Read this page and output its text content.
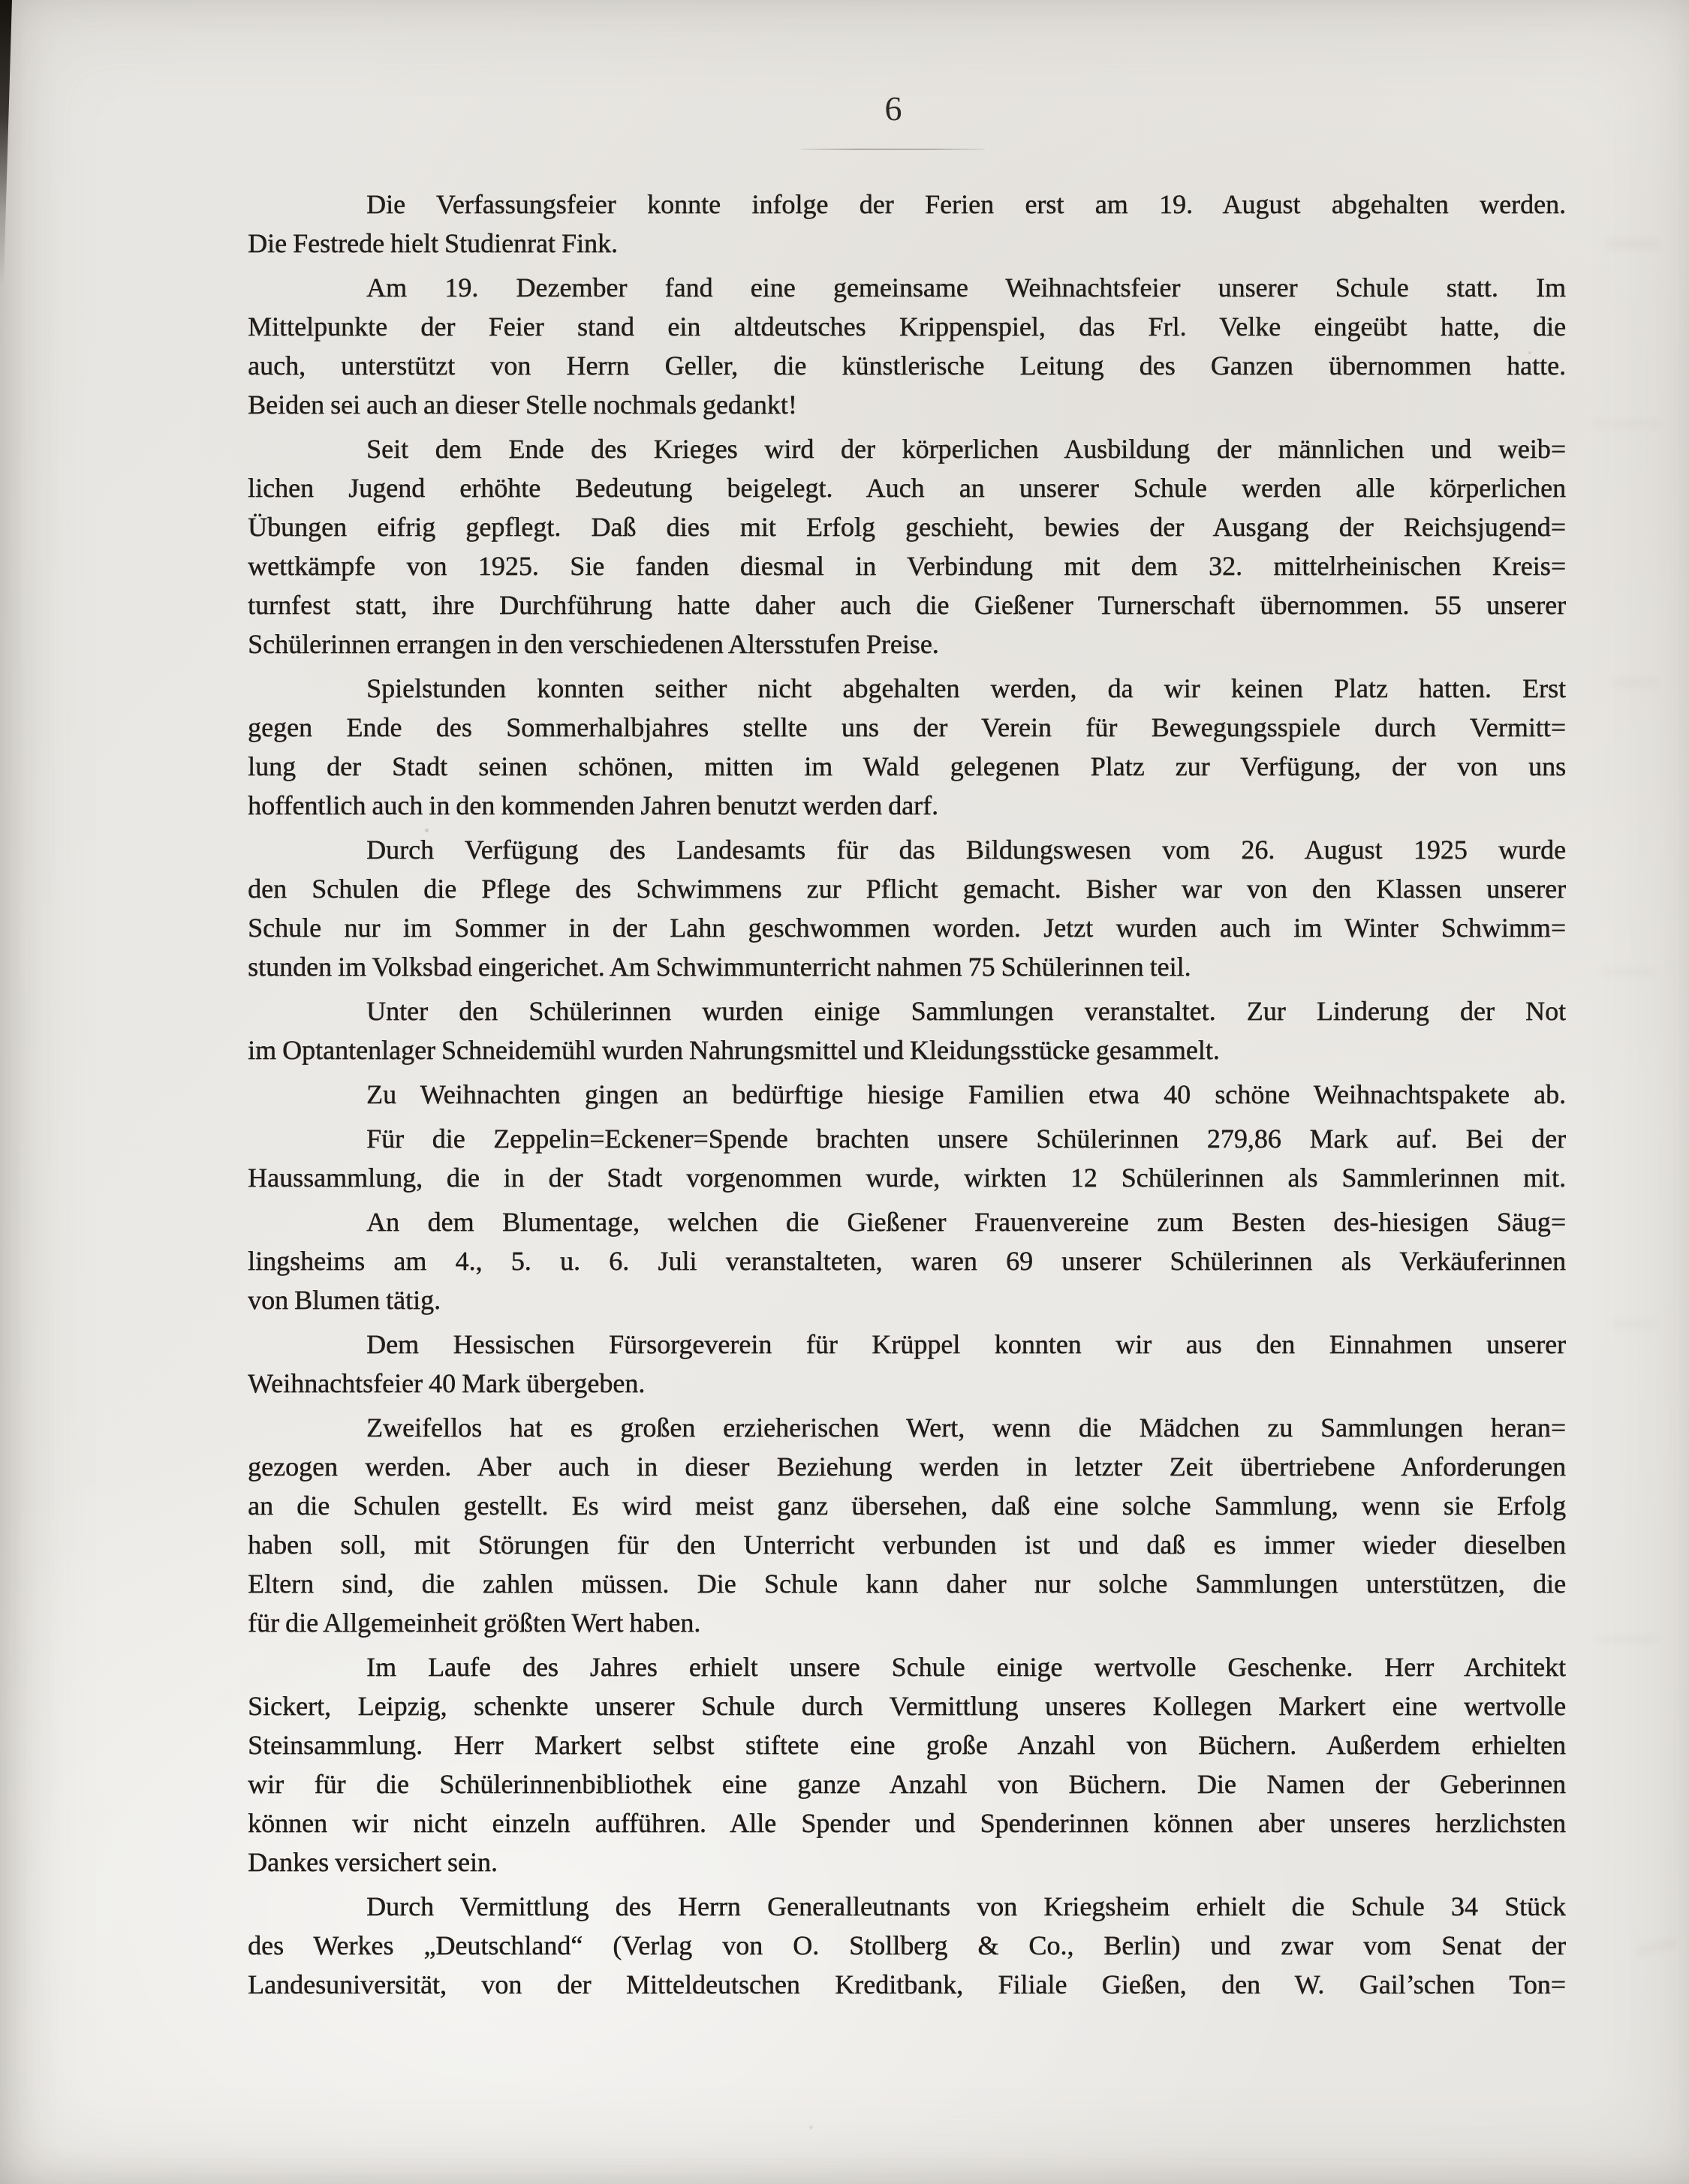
6

Die Verfassungsfeier konnte infolge der Ferien erst am 19. August abgehalten werden.
Die Festrede hielt Studienrat Fink.

Am 19. Dezember fand eine gemeinsame Weihnachtsfeier unserer Schule statt. Im
Mittelpunkte der Feier stand ein altdeutsches Krippenspiel, das Frl. Velke eingeübt hatte, die
auch, unterstützt von Herrn Geller, die künstlerische Leitung des Ganzen übernommen hatte.
Beiden sei auch an dieser Stelle nochmals gedankt!

Seit dem Ende des Krieges wird der körperlichen Ausbildung der männlichen und weib=
lichen Jugend erhöhte Bedeutung beigelegt. Auch an unserer Schule werden alle körperlichen
Übungen eifrig gepflegt. Daß dies mit Erfolg geschieht, bewies der Ausgang der Reichsjugend=
wettkämpfe von 1925. Sie fanden diesmal in Verbindung mit dem 32. mittelrheinischen Kreis=
turnfest statt, ihre Durchführung hatte daher auch die Gießener Turnerschaft übernommen. 55 unserer
Schülerinnen errangen in den verschiedenen Altersstufen Preise.

Spielstunden konnten seither nicht abgehalten werden, da wir keinen Platz hatten. Erst
gegen Ende des Sommerhalbjahres stellte uns der Verein für Bewegungsspiele durch Vermitt=
lung der Stadt seinen schönen, mitten im Wald gelegenen Platz zur Verfügung, der von uns
hoffentlich auch in den kommenden Jahren benutzt werden darf.

Durch Verfügung des Landesamts für das Bildungswesen vom 26. August 1925 wurde
den Schulen die Pflege des Schwimmens zur Pflicht gemacht. Bisher war von den Klassen unserer
Schule nur im Sommer in der Lahn geschwommen worden. Jetzt wurden auch im Winter Schwimm=
stunden im Volksbad eingerichet. Am Schwimmunterricht nahmen 75 Schülerinnen teil.

Unter den Schülerinnen wurden einige Sammlungen veranstaltet. Zur Linderung der Not
im Optantenlager Schneidemühl wurden Nahrungsmittel und Kleidungsstücke gesammelt.

Zu Weihnachten gingen an bedürftige hiesige Familien etwa 40 schöne Weihnachtspakete ab.

Für die Zeppelin=Eckener=Spende brachten unsere Schülerinnen 279,86 Mark auf. Bei der
Haussammlung, die in der Stadt vorgenommen wurde, wirkten 12 Schülerinnen als Sammlerinnen mit.

An dem Blumentage, welchen die Gießener Frauenvereine zum Besten des-hiesigen Säug=
lingsheims am 4., 5. u. 6. Juli veranstalteten, waren 69 unserer Schülerinnen als Verkäuferinnen
von Blumen tätig.

Dem Hessischen Fürsorgeverein für Krüppel konnten wir aus den Einnahmen unserer
Weihnachtsfeier 40 Mark übergeben.

Zweifellos hat es großen erzieherischen Wert, wenn die Mädchen zu Sammlungen heran=
gezogen werden. Aber auch in dieser Beziehung werden in letzter Zeit übertriebene Anforderungen
an die Schulen gestellt. Es wird meist ganz übersehen, daß eine solche Sammlung, wenn sie Erfolg
haben soll, mit Störungen für den Unterricht verbunden ist und daß es immer wieder dieselben
Eltern sind, die zahlen müssen. Die Schule kann daher nur solche Sammlungen unterstützen, die
für die Allgemeinheit größten Wert haben.

Im Laufe des Jahres erhielt unsere Schule einige wertvolle Geschenke. Herr Architekt
Sickert, Leipzig, schenkte unserer Schule durch Vermittlung unseres Kollegen Markert eine wertvolle
Steinsammlung. Herr Markert selbst stiftete eine große Anzahl von Büchern. Außerdem erhielten
wir für die Schülerinnenbibliothek eine ganze Anzahl von Büchern. Die Namen der Geberinnen
können wir nicht einzeln aufführen. Alle Spender und Spenderinnen können aber unseres herzlichsten
Dankes versichert sein.

Durch Vermittlung des Herrn Generalleutnants von Kriegsheim erhielt die Schule 34 Stück
des Werkes „Deutschland“ (Verlag von O. Stollberg & Co., Berlin) und zwar vom Senat der
Landesuniversität, von der Mitteldeutschen Kreditbank, Filiale Gießen, den W. Gail’schen Ton=
